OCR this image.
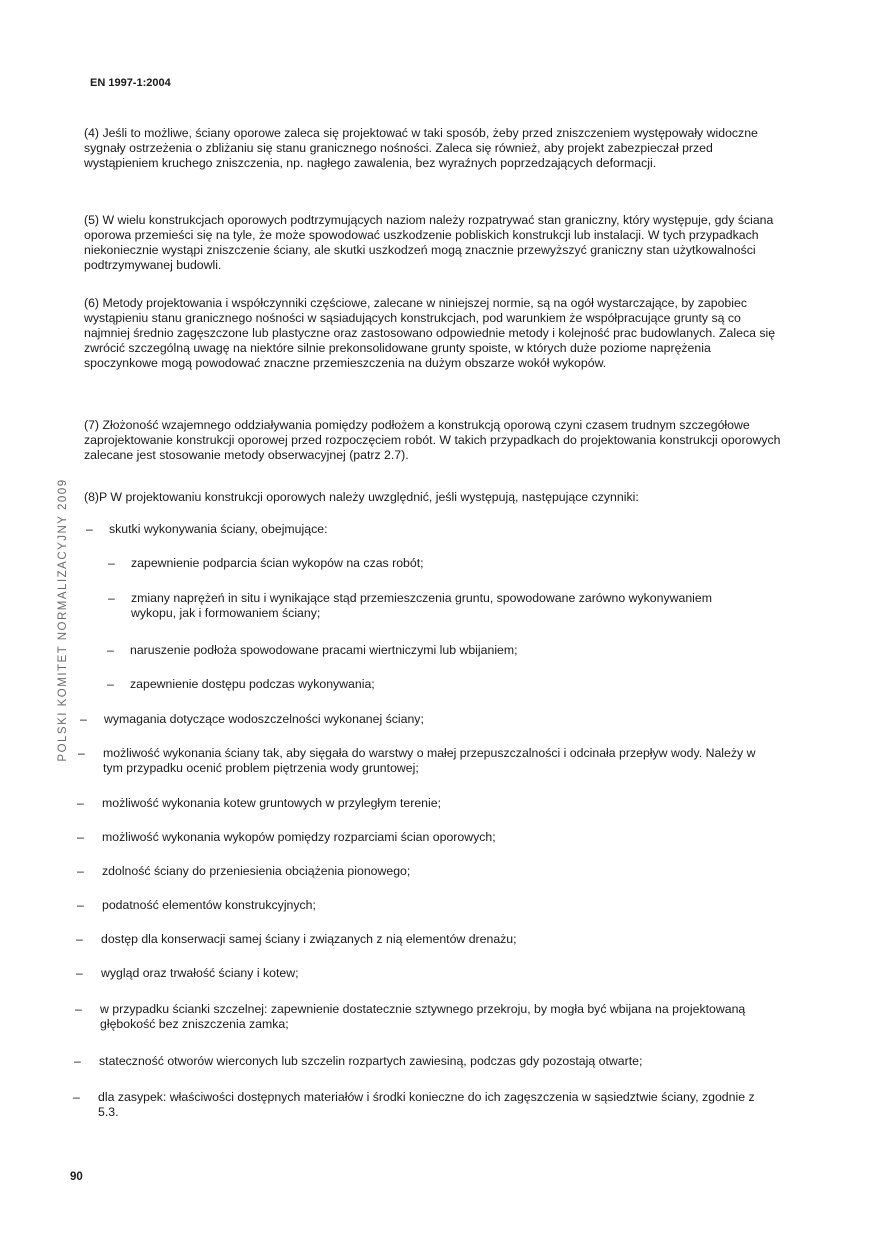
EN 1997-1:2004
POLSKI KOMITET NORMALIZACYJNY 2009

(4) Jeśli to możliwe, ściany oporowe zaleca się projektować w taki sposób, żeby przed zniszczeniem występowały widoczne sygnały ostrzeżenia o zbliżaniu się stanu granicznego nośności. Zaleca się również, aby projekt zabezpieczał przed wystąpieniem kruchego zniszczenia, np. nagłego zawalenia, bez wyraźnych poprzedzających deformacji.

(5) W wielu konstrukcjach oporowych podtrzymujących naziom należy rozpatrywać stan graniczny, który występuje, gdy ściana oporowa przemieści się na tyle, że może spowodować uszkodzenie pobliskich konstrukcji lub instalacji. W tych przypadkach niekoniecznie wystąpi zniszczenie ściany, ale skutki uszkodzeń mogą znacznie przewyższyć graniczny stan użytkowalności podtrzymywanej budowli.

(6) Metody projektowania i współczynniki częściowe, zalecane w niniejszej normie, są na ogół wystarczające, by zapobiec wystąpieniu stanu granicznego nośności w sąsiadujących konstrukcjach, pod warunkiem że współpracujące grunty są co najmniej średnio zagęszczone lub plastyczne oraz zastosowano odpowiednie metody i kolejność prac budowlanych. Zaleca się zwrócić szczególną uwagę na niektóre silnie prekonsolidowane grunty spoiste, w których duże poziome naprężenia spoczynkowe mogą powodować znaczne przemieszczenia na dużym obszarze wokół wykopów.

(7) Złożoność wzajemnego oddziaływania pomiędzy podłożem a konstrukcją oporową czyni czasem trudnym szczegółowe zaprojektowanie konstrukcji oporowej przed rozpoczęciem robót. W takich przypadkach do projektowania konstrukcji oporowych zalecane jest stosowanie metody obserwacyjnej (patrz 2.7).

(8)P W projektowaniu konstrukcji oporowych należy uwzględnić, jeśli występują, następujące czynniki:

– skutki wykonywania ściany, obejmujące:

– zapewnienie podparcia ścian wykopów na czas robót;

– zmiany naprężeń in situ i wynikające stąd przemieszczenia gruntu, spowodowane zarówno wykonywaniem wykopu, jak i formowaniem ściany;

– naruszenie podłoża spowodowane pracami wiertniczymi lub wbijaniem;

– zapewnienie dostępu podczas wykonywania;

– wymagania dotyczące wodoszczelności wykonanej ściany;

– możliwość wykonania ściany tak, aby sięgała do warstwy o małej przepuszczalności i odcinała przepływ wody. Należy w tym przypadku ocenić problem piętrzenia wody gruntowej;

– możliwość wykonania kotew gruntowych w przyległym terenie;

– możliwość wykonania wykopów pomiędzy rozparciami ścian oporowych;

– zdolność ściany do przeniesienia obciążenia pionowego;

– podatność elementów konstrukcyjnych;

– dostęp dla konserwacji samej ściany i związanych z nią elementów drenażu;

– wygląd oraz trwałość ściany i kotew;

– w przypadku ścianki szczelnej: zapewnienie dostatecznie sztywnego przekroju, by mogła być wbijana na projektowaną głębokość bez zniszczenia zamka;

– stateczność otworów wierconych lub szczelin rozpartych zawiesiną, podczas gdy pozostają otwarte;

– dla zasypek: właściwości dostępnych materiałów i środki konieczne do ich zagęszczenia w sąsiedztwie ściany, zgodnie z 5.3.

90
